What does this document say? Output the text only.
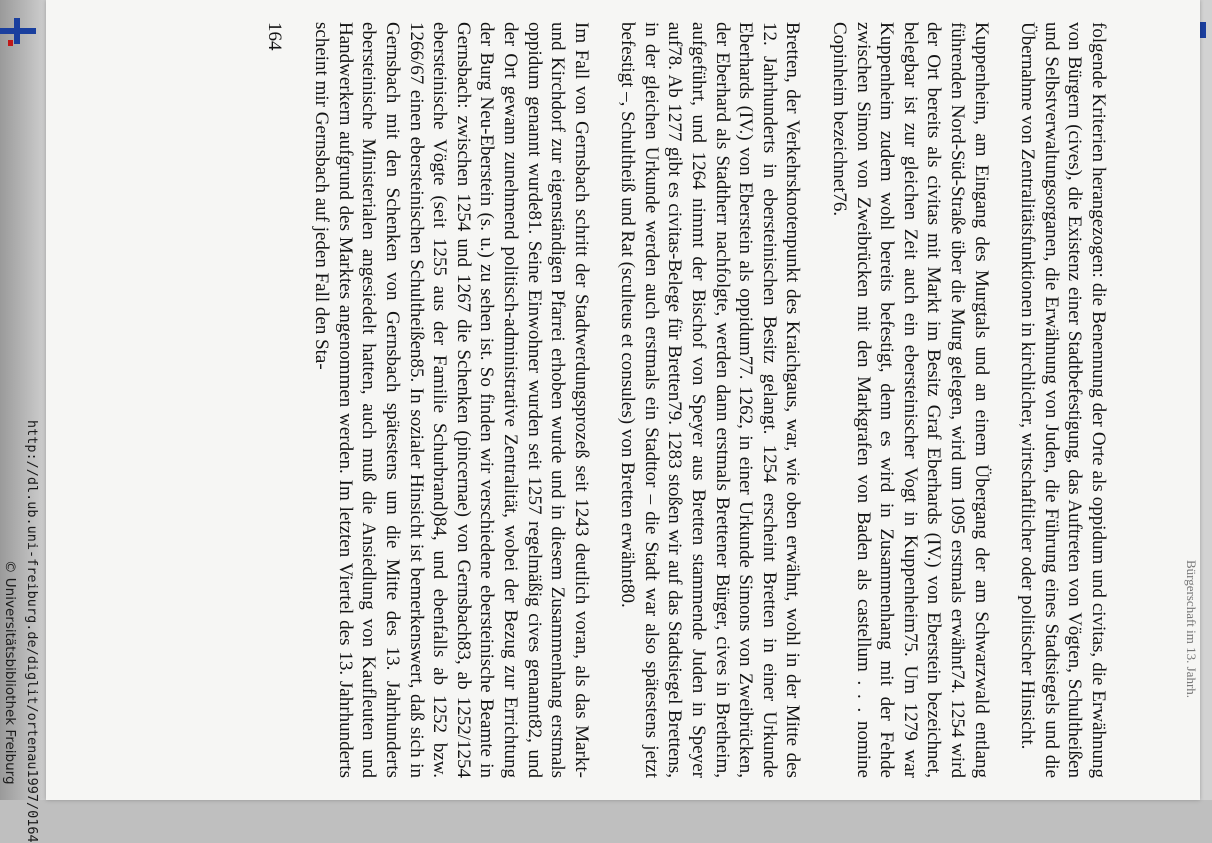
folgende Kriterien herangezogen: die Benennung der Orte als oppidum und civitas, die Erwähnung von Bürgern (cives), die Existenz einer Stadtbefestigung, das Auftreten von Vögten, Schultheißen und Selbstverwaltungsorganen, die Erwähnung von Juden, die Führung eines Stadtsiegels und die Übernahme von Zentralitätsfunktionen in kirchlicher, wirtschaftlicher oder politischer Hinsicht.

Kuppenheim, am Eingang des Murgtals und an einem Übergang der am Schwarzwald entlang führenden Nord-Süd-Straße über die Murg gelegen, wird um 1095 erstmals erwähnt74. 1254 wird der Ort bereits als civitas mit Markt im Besitz Graf Eberhards (IV.) von Eberstein bezeichnet, belegbar ist zur gleichen Zeit auch ein ebersteinischer Vogt in Kuppenheim75. Um 1279 war Kuppenheim zudem wohl bereits befestigt, denn es wird in Zusammenhang mit der Fehde zwischen Simon von Zweibrücken mit den Markgrafen von Baden als castellum . . . nomine Copinheim bezeichnet76.

Bretten, der Verkehrsknotenpunkt des Kraichgaus, war, wie oben erwähnt, wohl in der Mitte des 12. Jahrhunderts in ebersteinischen Besitz gelangt. 1254 erscheint Bretten in einer Urkunde Eberhards (IV.) von Eberstein als oppidum77. 1262, in einer Urkunde Simons von Zweibrücken, der Eberhard als Stadtherr nachfolgte, werden dann erstmals Brettener Bürger, cives in Bretheim, aufgeführt, und 1264 nimmt der Bischof von Speyer aus Bretten stammende Juden in Speyer auf78. Ab 1277 gibt es civitas-Belege für Bretten79. 1283 stoßen wir auf das Stadtsiegel Brettens, in der gleichen Urkunde werden auch erstmals ein Stadttor – die Stadt war also spätestens jetzt befestigt –, Schultheiß und Rat (sculteus et consules) von Bretten erwähnt80.

Im Fall von Gernsbach schritt der Stadtwerdungsprozeß seit 1243 deutlich voran, als das Markt- und Kirchdorf zur eigenständigen Pfarrei erhoben wurde und in diesem Zusammenhang erstmals oppidum genannt wurde81. Seine Einwohner wurden seit 1257 regelmäßig cives genannt82, und der Ort gewann zunehmend politisch-administrative Zentralität, wobei der Bezug zur Errichtung der Burg Neu-Eberstein (s. u.) zu sehen ist. So finden wir verschiedene ebersteinische Beamte in Gernsbach: zwischen 1254 und 1267 die Schenken (pincernae) von Gernsbach83, ab 1252/1254 ebersteinische Vögte (seit 1255 aus der Familie Schurbrand)84, und ebenfalls ab 1252 bzw. 1266/67 einen ebersteinischen Schultheißen85. In sozialer Hinsicht ist bemerkenswert, daß sich in Gernsbach mit den Schenken von Gernsbach spätestens um die Mitte des 13. Jahrhunderts ebersteinische Ministerialen angesiedelt hatten, auch muß die Ansiedlung von Kaufleuten und Handwerkern aufgrund des Marktes angenommen werden. Im letzten Viertel des 13. Jahrhunderts scheint mir Gernsbach auf jeden Fall den Sta-

164
Bürgerschaft im 13. Jahrh.
http://dl.ub.uni-freiburg.de/diglit/ortenau1997/0164
© Universitätsbibliothek Freiburg
